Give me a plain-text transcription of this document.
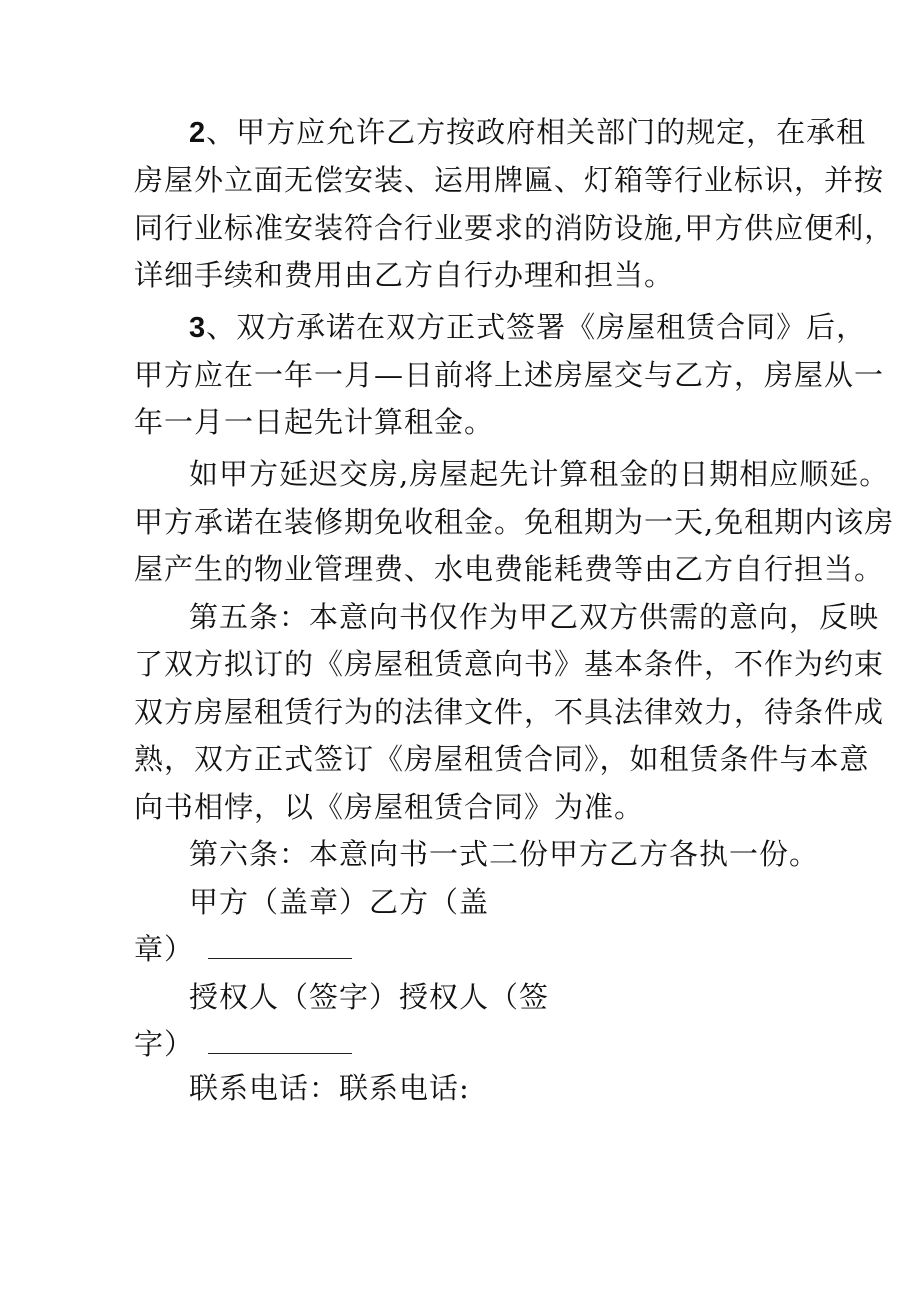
2、甲方应允许乙方按政府相关部门的规定，在承租
房屋外立面无偿安装、运用牌匾、灯箱等行业标识，并按
同行业标准安装符合行业要求的消防设施,甲方供应便利，
详细手续和费用由乙方自行办理和担当。
3、双方承诺在双方正式签署《房屋租赁合同》后，
甲方应在一年一月—日前将上述房屋交与乙方，房屋从一
年一月一日起先计算租金。
如甲方延迟交房,房屋起先计算租金的日期相应顺延。
甲方承诺在装修期免收租金。免租期为一天,免租期内该房
屋产生的物业管理费、水电费能耗费等由乙方自行担当。
第五条：本意向书仅作为甲乙双方供需的意向，反映
了双方拟订的《房屋租赁意向书》基本条件，不作为约束
双方房屋租赁行为的法律文件，不具法律效力，待条件成
熟，双方正式签订《房屋租赁合同》，如租赁条件与本意
向书相悖，以《房屋租赁合同》为准。
第六条：本意向书一式二份甲方乙方各执一份。
甲方（盖章）乙方（盖
章）
授权人（签字）授权人（签
字）
联系电话：联系电话:
